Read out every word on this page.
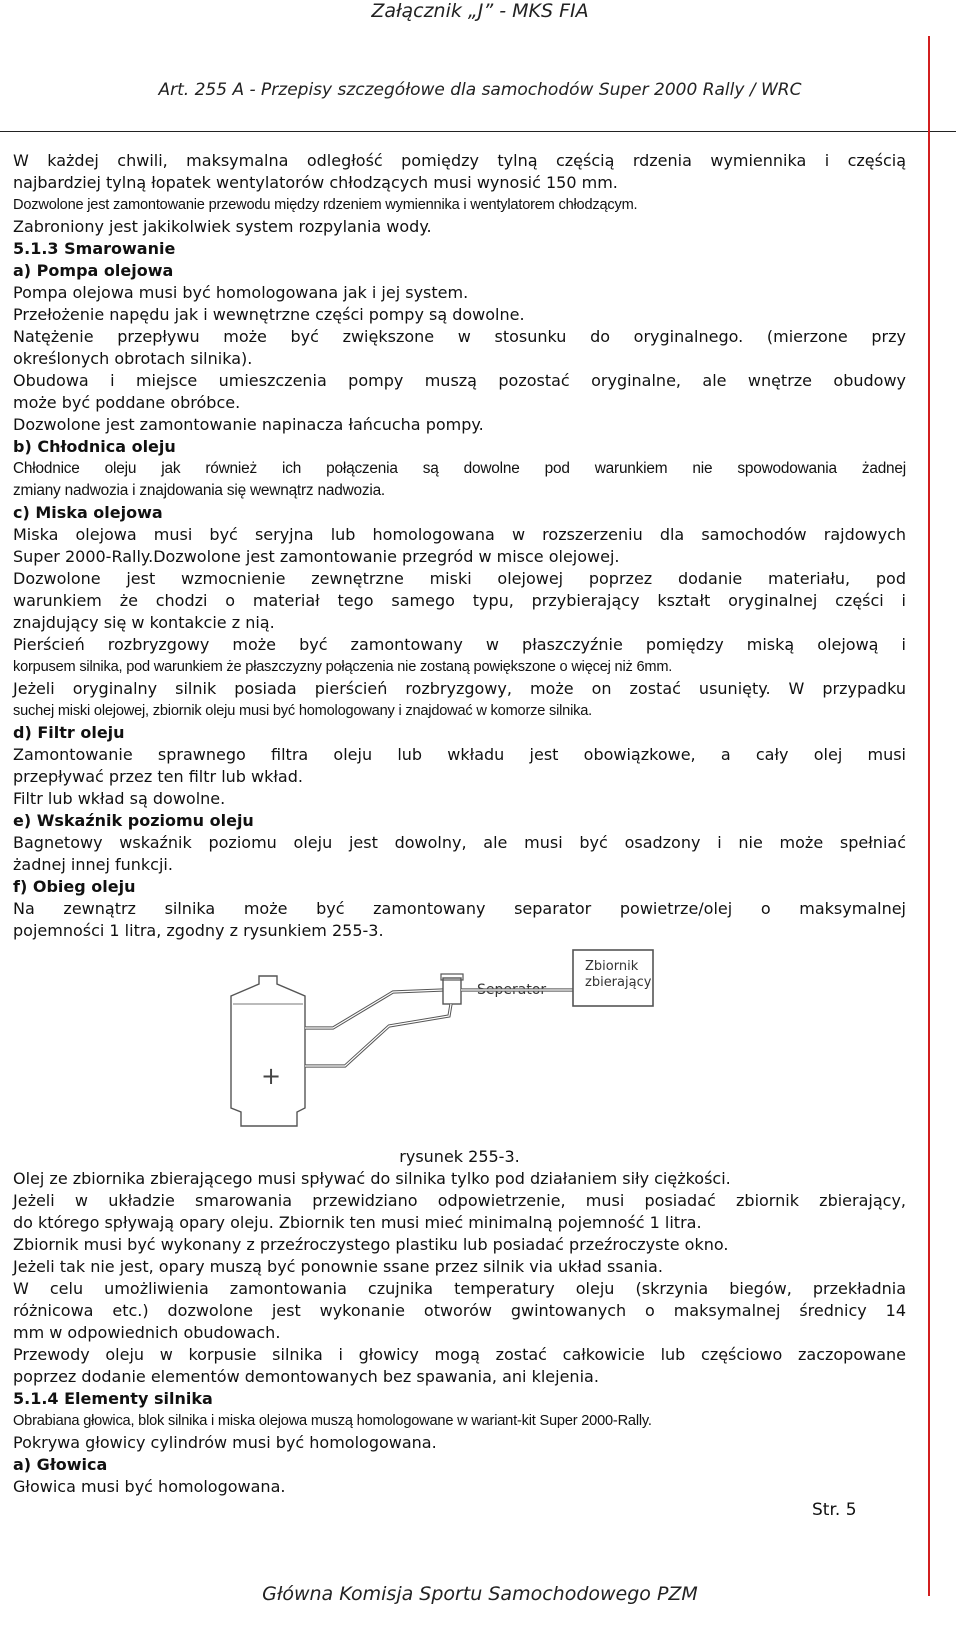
Załącznik „J” - MKS FIA
Art. 255 A - Przepisy szczegółowe dla samochodów Super 2000 Rally / WRC

W każdej chwili, maksymalna odległość pomiędzy tylną częścią rdzenia wymiennika i częścią

najbardziej tylną łopatek wentylatorów chłodzących musi wynosić 150 mm.

Dozwolone jest zamontowanie przewodu między rdzeniem wymiennika i wentylatorem chłodzącym.

Zabroniony jest jakikolwiek system rozpylania wody.

5.1.3 Smarowanie

a) Pompa olejowa

Pompa olejowa musi być homologowana jak i jej system.

Przełożenie napędu jak i wewnętrzne części pompy są dowolne.

Natężenie przepływu może być zwiększone w stosunku do oryginalnego. (mierzone przy

określonych obrotach silnika).

Obudowa i miejsce umieszczenia pompy muszą pozostać oryginalne, ale wnętrze obudowy

może być poddane obróbce.

Dozwolone jest zamontowanie napinacza łańcucha pompy.

b) Chłodnica oleju

Chłodnice oleju jak również ich połączenia są dowolne pod warunkiem nie spowodowania żadnej

zmiany nadwozia i znajdowania się wewnątrz nadwozia.

c) Miska olejowa

Miska olejowa musi być seryjna lub homologowana w rozszerzeniu dla samochodów rajdowych

Super 2000-Rally.Dozwolone jest zamontowanie przegród w misce olejowej.

Dozwolone jest wzmocnienie zewnętrzne miski olejowej poprzez dodanie materiału, pod

warunkiem że chodzi o materiał tego samego typu, przybierający kształt oryginalnej części i

znajdujący się w kontakcie z nią.

Pierścień rozbryzgowy może być zamontowany w płaszczyźnie pomiędzy miską olejową i

korpusem silnika, pod warunkiem że płaszczyzny połączenia nie zostaną powiększone o więcej niż 6mm.

Jeżeli oryginalny silnik posiada pierścień rozbryzgowy, może on zostać usunięty. W przypadku

suchej miski olejowej, zbiornik oleju musi być homologowany i znajdować w komorze silnika.

d) Filtr oleju

Zamontowanie sprawnego filtra oleju lub wkładu jest obowiązkowe, a cały olej musi

przepływać przez ten filtr lub wkład.

Filtr lub wkład są dowolne.

e) Wskaźnik poziomu oleju

Bagnetowy wskaźnik poziomu oleju jest dowolny, ale musi być osadzony i nie może spełniać

żadnej innej funkcji.

f) Obieg oleju

Na zewnątrz silnika może być zamontowany separator powietrze/olej o maksymalnej

pojemności 1 litra, zgodny z rysunkiem 255-3.

+
Seperator
Zbiornik
zbierający

rysunek 255-3.

Olej ze zbiornika zbierającego musi spływać do silnika tylko pod działaniem siły ciężkości.

Jeżeli w układzie smarowania przewidziano odpowietrzenie, musi posiadać zbiornik zbierający,

do którego spływają opary oleju. Zbiornik ten musi mieć minimalną pojemność 1 litra.

Zbiornik musi być wykonany z przeźroczystego plastiku lub posiadać przeźroczyste okno.

Jeżeli tak nie jest, opary muszą być ponownie ssane przez silnik via układ ssania.

W celu umożliwienia zamontowania czujnika temperatury oleju (skrzynia biegów, przekładnia

różnicowa etc.) dozwolone jest wykonanie otworów gwintowanych o maksymalnej średnicy 14

mm w odpowiednich obudowach.

Przewody oleju w korpusie silnika i głowicy mogą zostać całkowicie lub częściowo zaczopowane

poprzez dodanie elementów demontowanych bez spawania, ani klejenia.

5.1.4 Elementy silnika

Obrabiana głowica, blok silnika i miska olejowa muszą homologowane w wariant-kit Super 2000-Rally.

Pokrywa głowicy cylindrów musi być homologowana.

a) Głowica

Głowica musi być homologowana.

Str. 5
Główna Komisja Sportu Samochodowego PZM
